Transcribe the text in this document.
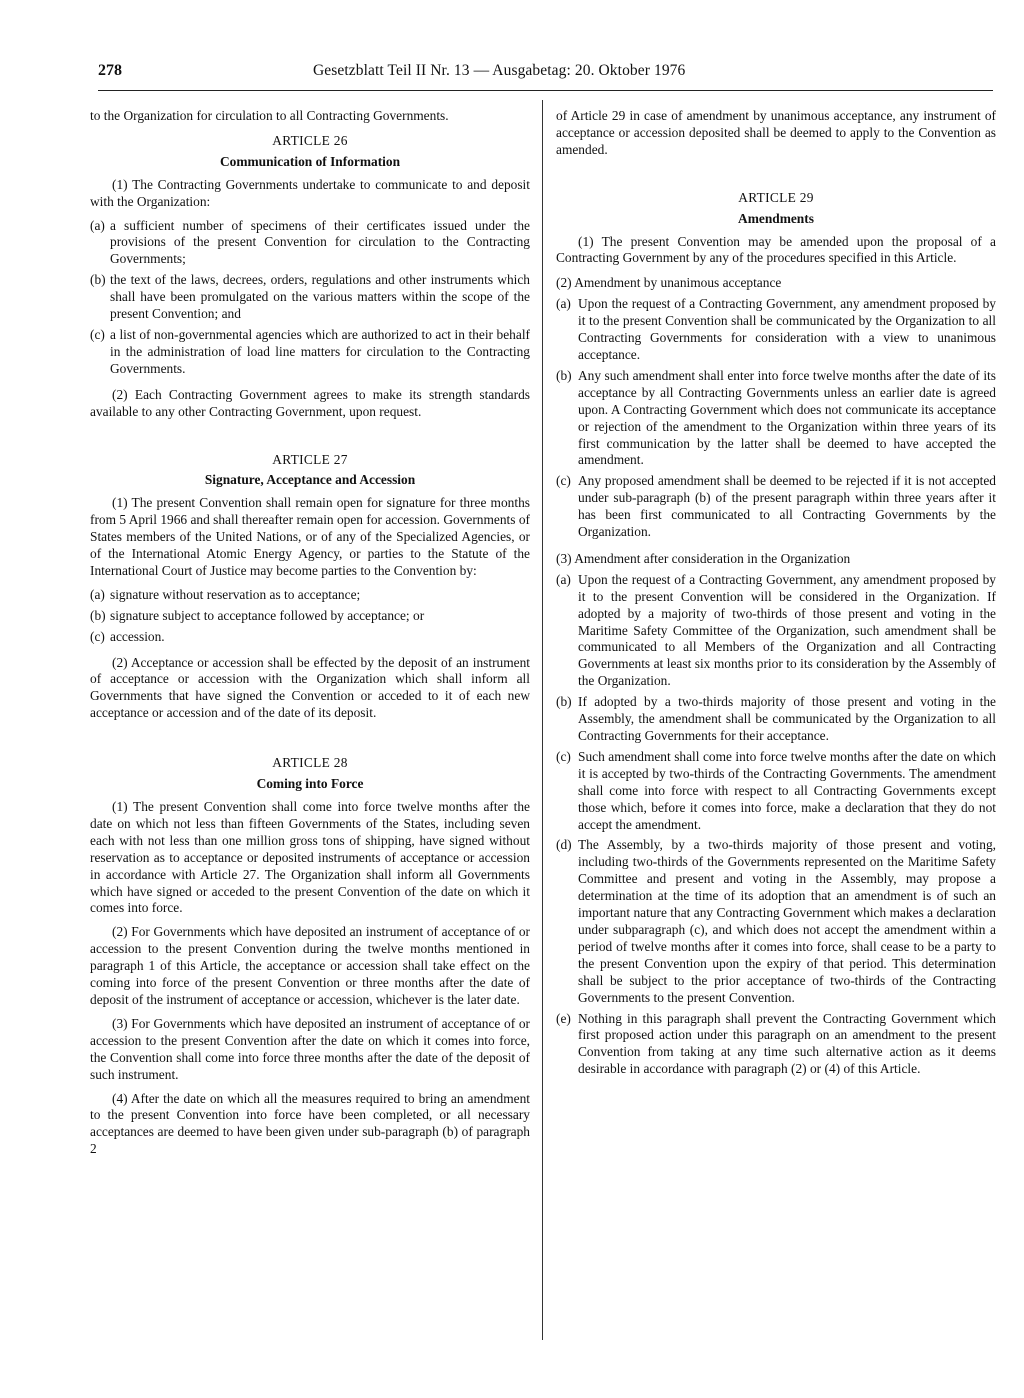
278	Gesetzblatt Teil II Nr. 13 — Ausgabetag: 20. Oktober 1976

to the Organization for circulation to all Contracting Governments.

ARTICLE 26
Communication of Information

(1) The Contracting Governments undertake to communicate to and deposit with the Organization:

(a) a sufficient number of specimens of their certificates issued under the provisions of the present Convention for circulation to the Contracting Governments;
(b) the text of the laws, decrees, orders, regulations and other instruments which shall have been promulgated on the various matters within the scope of the present Convention; and
(c) a list of non-governmental agencies which are authorized to act in their behalf in the administration of load line matters for circulation to the Contracting Governments.

(2) Each Contracting Government agrees to make its strength standards available to any other Contracting Government, upon request.

ARTICLE 27
Signature, Acceptance and Accession

(1) The present Convention shall remain open for signature for three months from 5 April 1966 and shall thereafter remain open for accession. Governments of States members of the United Nations, or of any of the Specialized Agencies, or of the International Atomic Energy Agency, or parties to the Statute of the International Court of Justice may become parties to the Convention by:

(a) signature without reservation as to acceptance;
(b) signature subject to acceptance followed by acceptance; or
(c) accession.

(2) Acceptance or accession shall be effected by the deposit of an instrument of acceptance or accession with the Organization which shall inform all Governments that have signed the Convention or acceded to it of each new acceptance or accession and of the date of its deposit.

ARTICLE 28
Coming into Force

(1) The present Convention shall come into force twelve months after the date on which not less than fifteen Governments of the States, including seven each with not less than one million gross tons of shipping, have signed without reservation as to acceptance or deposited instruments of acceptance or accession in accordance with Article 27. The Organization shall inform all Governments which have signed or acceded to the present Convention of the date on which it comes into force.

(2) For Governments which have deposited an instrument of acceptance of or accession to the present Convention during the twelve months mentioned in paragraph 1 of this Article, the acceptance or accession shall take effect on the coming into force of the present Convention or three months after the date of deposit of the instrument of acceptance or accession, whichever is the later date.

(3) For Governments which have deposited an instrument of acceptance of or accession to the present Convention after the date on which it comes into force, the Convention shall come into force three months after the date of the deposit of such instrument.

(4) After the date on which all the measures required to bring an amendment to the present Convention into force have been completed, or all necessary acceptances are deemed to have been given under sub-paragraph (b) of paragraph 2

of Article 29 in case of amendment by unanimous acceptance, any instrument of acceptance or accession deposited shall be deemed to apply to the Convention as amended.

ARTICLE 29
Amendments

(1) The present Convention may be amended upon the proposal of a Contracting Government by any of the procedures specified in this Article.

(2) Amendment by unanimous acceptance

(a) Upon the request of a Contracting Government, any amendment proposed by it to the present Convention shall be communicated by the Organization to all Contracting Governments for consideration with a view to unanimous acceptance.
(b) Any such amendment shall enter into force twelve months after the date of its acceptance by all Contracting Governments unless an earlier date is agreed upon. A Contracting Government which does not communicate its acceptance or rejection of the amendment to the Organization within three years of its first communication by the latter shall be deemed to have accepted the amendment.
(c) Any proposed amendment shall be deemed to be rejected if it is not accepted under sub-paragraph (b) of the present paragraph within three years after it has been first communicated to all Contracting Governments by the Organization.

(3) Amendment after consideration in the Organization

(a) Upon the request of a Contracting Government, any amendment proposed by it to the present Convention will be considered in the Organization. If adopted by a majority of two-thirds of those present and voting in the Maritime Safety Committee of the Organization, such amendment shall be communicated to all Members of the Organization and all Contracting Governments at least six months prior to its consideration by the Assembly of the Organization.
(b) If adopted by a two-thirds majority of those present and voting in the Assembly, the amendment shall be communicated by the Organization to all Contracting Governments for their acceptance.
(c) Such amendment shall come into force twelve months after the date on which it is accepted by two-thirds of the Contracting Governments. The amendment shall come into force with respect to all Contracting Governments except those which, before it comes into force, make a declaration that they do not accept the amendment.
(d) The Assembly, by a two-thirds majority of those present and voting, including two-thirds of the Governments represented on the Maritime Safety Committee and present and voting in the Assembly, may propose a determination at the time of its adoption that an amendment is of such an important nature that any Contracting Government which makes a declaration under subparagraph (c), and which does not accept the amendment within a period of twelve months after it comes into force, shall cease to be a party to the present Convention upon the expiry of that period. This determination shall be subject to the prior acceptance of two-thirds of the Contracting Governments to the present Convention.
(e) Nothing in this paragraph shall prevent the Contracting Government which first proposed action under this paragraph on an amendment to the present Convention from taking at any time such alternative action as it deems desirable in accordance with paragraph (2) or (4) of this Article.
